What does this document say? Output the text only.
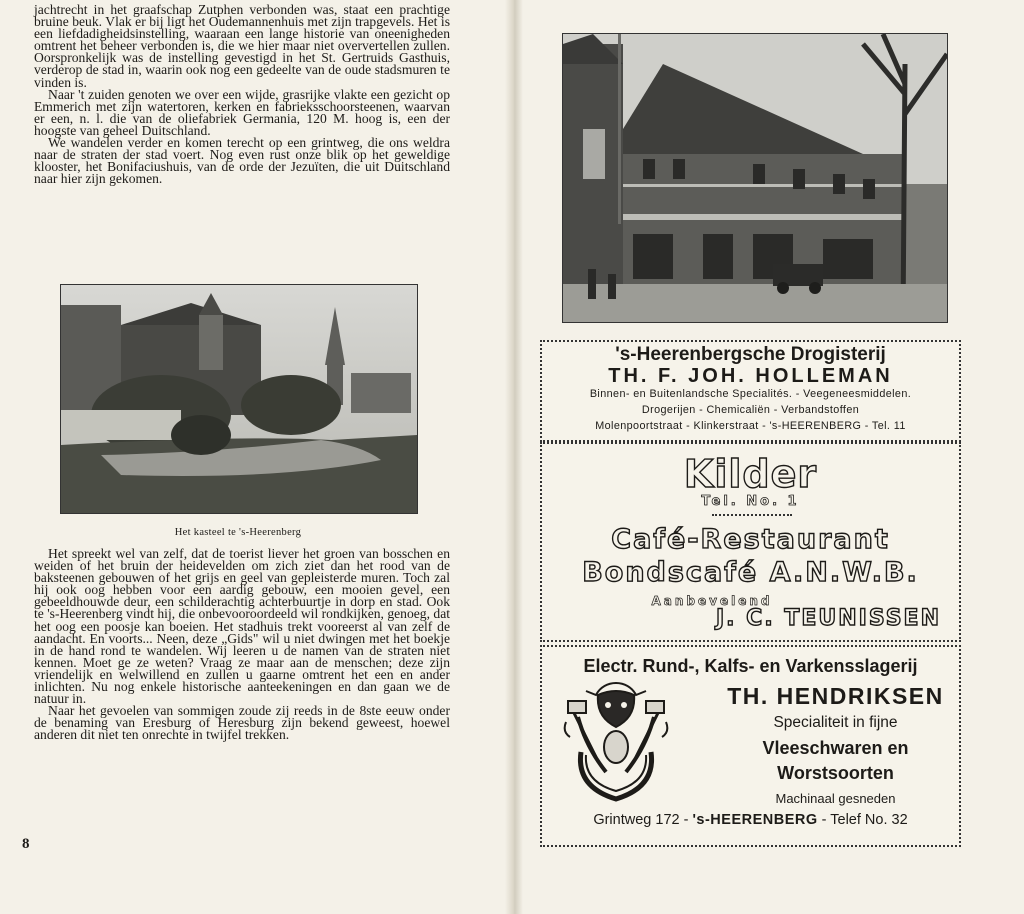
jachtrecht in het graafschap Zutphen verbonden was, staat een prachtige bruine beuk. Vlak er bij ligt het Oudemannenhuis met zijn trapgevels. Het is een liefdadigheidsinstelling, waaraan een lange historie van oneenigheden omtrent het beheer verbonden is, die we hier maar niet oververtellen zullen. Oorspronkelijk was de instelling gevestigd in het St. Gertruids Gasthuis, verderop de stad in, waarin ook nog een gedeelte van de oude stadsmuren te vinden is.

Naar 't zuiden genoten we over een wijde, grasrijke vlakte een gezicht op Emmerich met zijn watertoren, kerken en fabrieksschoorsteenen, waarvan er een, n. l. die van de oliefabriek Germania, 120 M. hoog is, een der hoogste van geheel Duitschland.

We wandelen verder en komen terecht op een grintweg, die ons weldra naar de straten der stad voert. Nog even rust onze blik op het geweldige klooster, het Bonifaciushuis, van de orde der Jezuïten, die uit Duitschland naar hier zijn gekomen.

Het kasteel te 's-Heerenberg

Het spreekt wel van zelf, dat de toerist liever het groen van bosschen en weiden of het bruin der heidevelden om zich ziet dan het rood van de baksteenen gebouwen of het grijs en geel van gepleisterde muren. Toch zal hij ook oog hebben voor een aardig gebouw, een mooien gevel, een gebeeldhouwde deur, een schilderachtig achterbuurtje in dorp en stad. Ook te 's-Heerenberg vindt hij, die onbevooroordeeld wil rondkijken, genoeg, dat het oog een poosje kan boeien. Het stadhuis trekt vooreerst al van zelf de aandacht. En voorts... Neen, deze „Gids" wil u niet dwingen met het boekje in de hand rond te wandelen. Wij leeren u de namen van de straten niet kennen. Moet ge ze weten? Vraag ze maar aan de menschen; deze zijn vriendelijk en welwillend en zullen u gaarne omtrent het een en ander inlichten. Nu nog enkele historische aanteekeningen en dan gaan we de natuur in.

Naar het gevoelen van sommigen zoude zij reeds in de 8ste eeuw onder de benaming van Eresburg of Heresburg zijn bekend geweest, hoewel anderen dit niet ten onrechte in twijfel trekken.

8
's-Heerenbergsche Drogisterij
TH. F. JOH. HOLLEMAN
Binnen- en Buitenlandsche Specialités. - Veegeneesmiddelen.
Drogerijen - Chemicaliën - Verbandstoffen
Molenpoortstraat - Klinkerstraat - 's-HEERENBERG - Tel. 11
Kilder
Tel. No. 1
Café-Restaurant
Bondscafé A.N.W.B.
Aanbevelend
J. C. TEUNISSEN
Electr. Rund-, Kalfs- en Varkensslagerij
TH. HENDRIKSEN
Specialiteit in fijne
Vleeschwaren en
Worstsoorten
Machinaal gesneden
Grintweg 172 - 's-HEERENBERG - Telef No. 32
